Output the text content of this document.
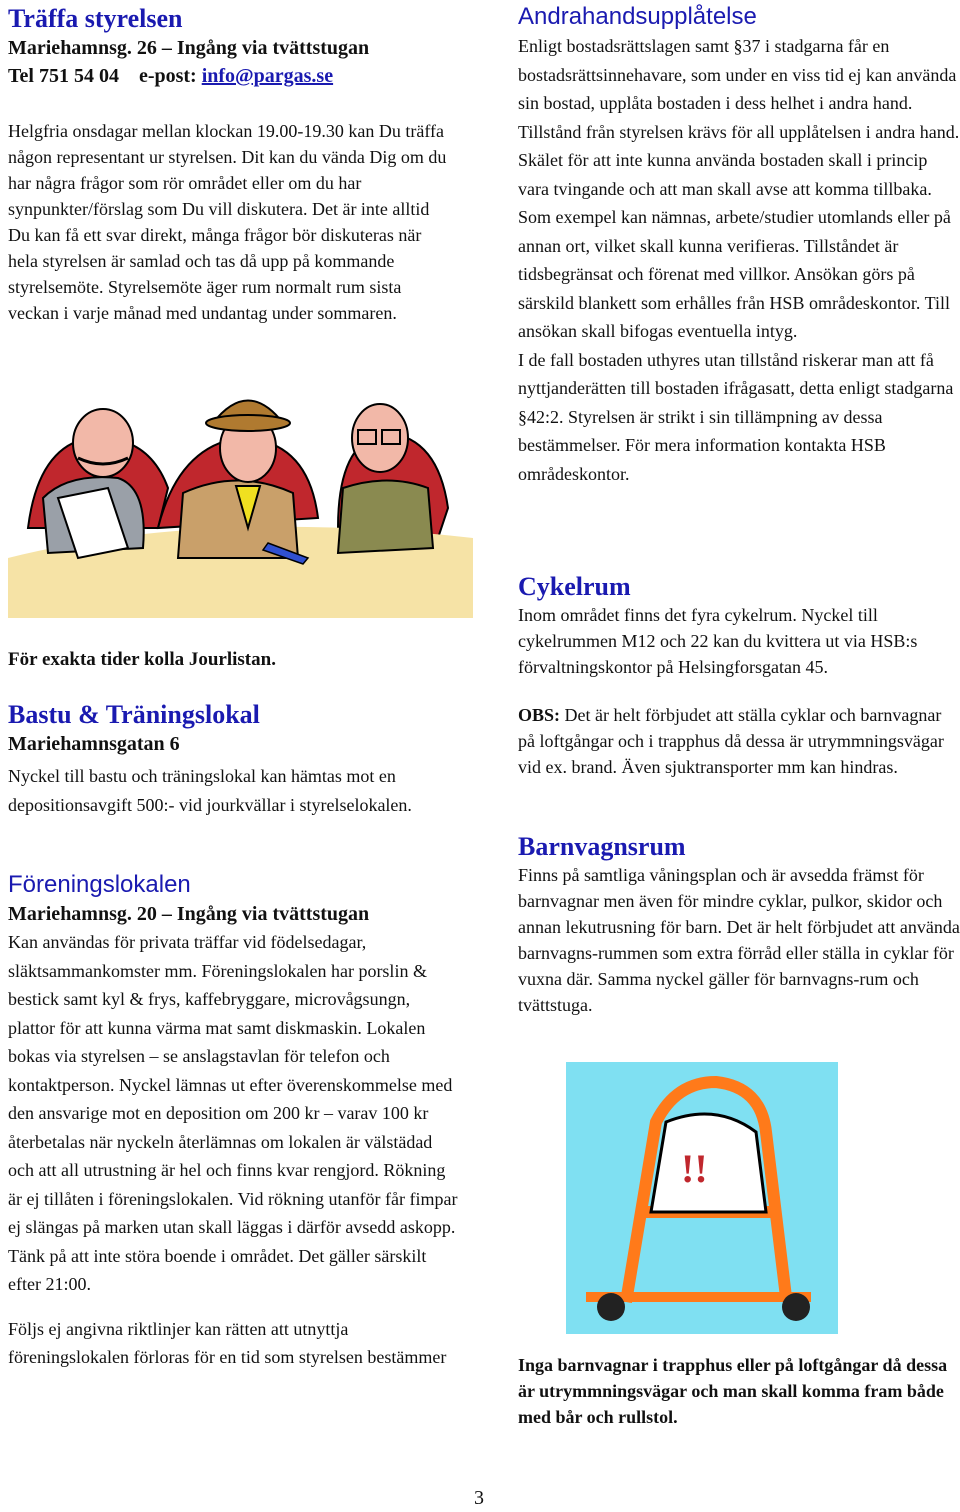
Träffa styrelsen

Mariehamnsg. 26 – Ingång via tvättstugan

Tel 751 54 04    e-post: info@pargas.se

Helgfria onsdagar mellan klockan 19.00-19.30 kan Du träffa någon representant ur styrelsen. Dit kan du vända Dig om du har några frågor som rör området eller om du har synpunkter/förslag som Du vill diskutera. Det är inte alltid Du kan få ett svar direkt, många frågor bör diskuteras när hela styrelsen är samlad och tas då upp på kommande styrelsemöte. Styrelsemöte äger rum normalt rum sista veckan i varje månad med undantag under sommaren.

För exakta tider kolla Jourlistan.

Bastu & Träningslokal

Mariehamnsgatan 6

Nyckel till bastu och träningslokal kan hämtas mot en depositionsavgift 500:- vid jourkvällar i styrelselokalen.

Föreningslokalen

Mariehamnsg. 20 – Ingång via tvättstugan

Kan användas för privata träffar vid födelsedagar, släktsammankomster mm. Föreningslokalen har porslin & bestick samt kyl & frys, kaffebryggare, microvågsungn, plattor för att kunna värma mat samt diskmaskin. Lokalen bokas via styrelsen – se anslagstavlan för telefon och kontaktperson. Nyckel lämnas ut efter överenskommelse med den ansvarige mot en deposition om 200 kr – varav 100 kr återbetalas när nyckeln återlämnas om lokalen är välstädad och att all utrustning är hel och finns kvar rengjord. Rökning är ej tillåten i föreningslokalen. Vid rökning utanför får fimpar ej slängas på marken utan skall läggas i därför avsedd askopp. Tänk på att inte störa boende i området. Det gäller särskilt efter 21:00.

Följs ej angivna riktlinjer kan rätten att utnyttja föreningslokalen förloras för en tid som styrelsen bestämmer

Andrahandsupplåtelse

Enligt bostadsrättslagen samt §37 i stadgarna får en bostadsrättsinnehavare, som under en viss tid ej kan använda sin bostad, upplåta bostaden i dess helhet i andra hand. Tillstånd från styrelsen krävs för all upplåtelsen i andra hand. Skälet för att inte kunna använda bostaden skall i princip vara tvingande och att man skall avse att komma tillbaka. Som exempel kan nämnas, arbete/studier utomlands eller på annan ort, vilket skall kunna verifieras. Tillståndet är tidsbegränsat och förenat med villkor. Ansökan görs på särskild blankett som erhålles från HSB områdeskontor. Till ansökan skall bifogas eventuella intyg.

I de fall bostaden uthyres utan tillstånd riskerar man att få nyttjanderätten till bostaden ifrågasatt, detta enligt stadgarna §42:2. Styrelsen är strikt i sin tillämpning av dessa bestämmelser. För mera information kontakta HSB områdeskontor.

Cykelrum

Inom området finns det fyra cykelrum. Nyckel till cykelrummen M12 och 22 kan du kvittera ut via HSB:s förvaltningskontor på Helsingforsgatan 45.

OBS: Det är helt förbjudet att ställa cyklar och barnvagnar på loftgångar och i trapphus då dessa är utrymmningsvägar vid ex. brand. Även sjuktransporter mm kan hindras.

Barnvagnsrum

Finns på samtliga våningsplan och är avsedda främst för barnvagnar men även för mindre cyklar, pulkor, skidor och annan lekutrusning för barn. Det är helt förbjudet att använda barnvagns-rummen som extra förråd eller ställa in cyklar för vuxna där. Samma nyckel gäller för barnvagns-rum och tvättstuga.

!!

Inga barnvagnar i trapphus eller på loftgångar då dessa är utrymmningsvägar och man skall komma fram både med bår och rullstol.

3
